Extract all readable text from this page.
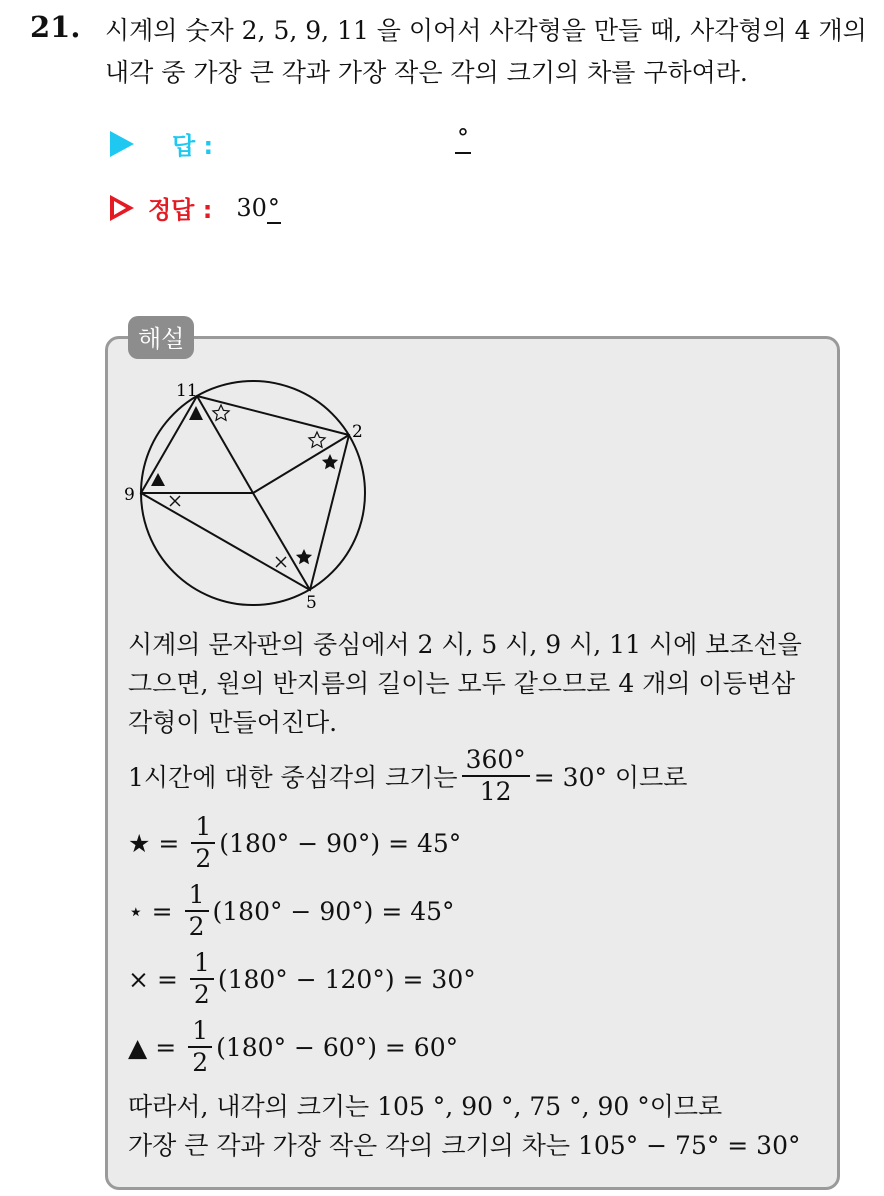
21. 시계의 숫자 2, 5, 9, 11 을 이어서 사각형을 만들 때, 사각형의 4 개의
내각 중 가장 큰 각과 가장 작은 각의 크기의 차를 구하여라.
답 :	°
정답 : 30°
해설
11
2
9
5
시계의 문자판의 중심에서 2 시, 5 시, 9 시, 11 시에 보조선을
그으면, 원의 반지름의 길이는 모두 같으므로 4 개의 이등변삼
각형이 만들어진다.
1시간에 대한 중심각의 크기는 $\frac{360^\circ}{12} = 30^\circ$ 이므로
★ = $\frac{1}{2} (180^\circ - 90^\circ) = 45^\circ$
⋆ = $\frac{1}{2} (180^\circ - 90^\circ) = 45^\circ$
× = $\frac{1}{2} (180^\circ - 120^\circ) = 30^\circ$
▲ = $\frac{1}{2} (180^\circ - 60^\circ) = 60^\circ$
따라서, 내각의 크기는 105 °, 90 °, 75 °, 90 °이므로
가장 큰 각과 가장 작은 각의 크기의 차는 105° − 75° = 30°
